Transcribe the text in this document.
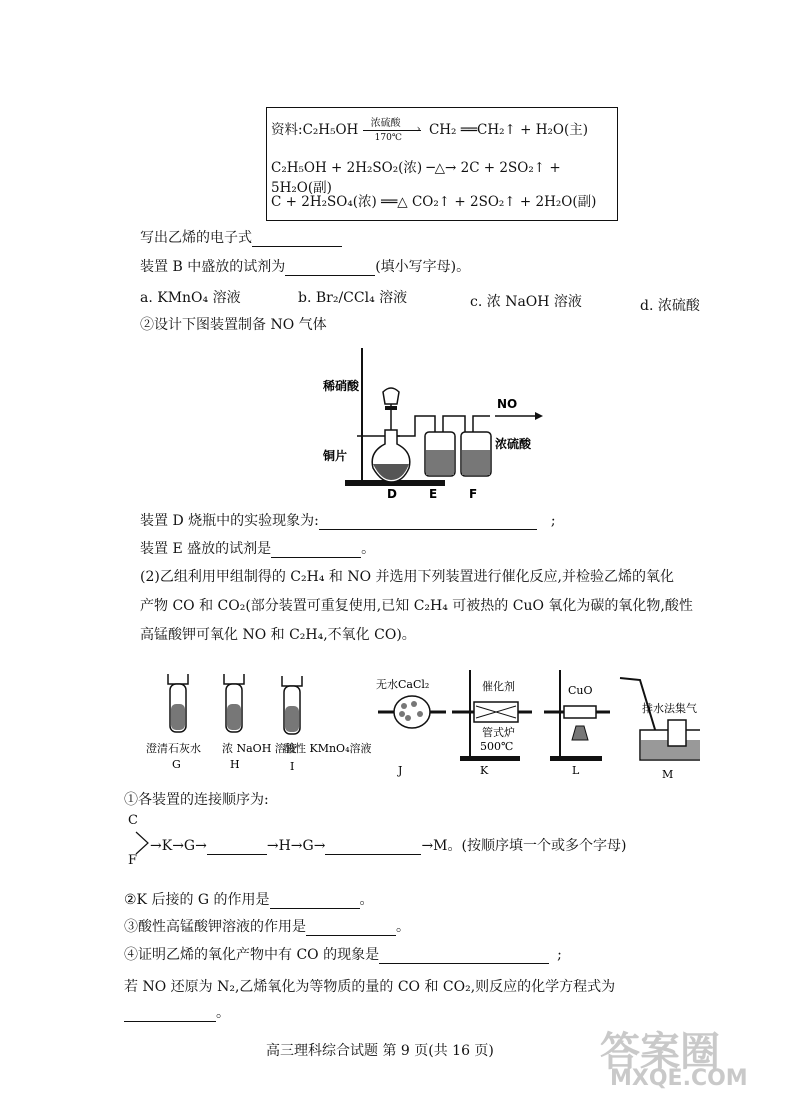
资料:C₂H₅OH 浓硫酸
›
170℃ CH₂ ══CH₂↑ + H₂O(主)
C₂H₅OH + 2H₂SO₂(浓) ─△→ 2C + 2SO₂↑ + 5H₂O(副)
C + 2H₂SO₄(浓) ══△ CO₂↑ + 2SO₂↑ + 2H₂O(副)
写出乙烯的电子式
装置 B 中盛放的试剂为	(填小写字母)。
a. KMnO₄ 溶液	b. Br₂/CCl₄ 溶液	c. 浓 NaOH 溶液	d. 浓硫酸
②设计下图装置制备 NO 气体
稀硝酸
NO
浓硫酸
铜片
D	E	F
装置 D 烧瓶中的实验现象为:	;
装置 E 盛放的试剂是	。
(2)乙组利用甲组制得的 C₂H₄ 和 NO 并选用下列装置进行催化反应,并检验乙烯的氧化
产物 CO 和 CO₂(部分装置可重复使用,已知 C₂H₄ 可被热的 CuO 氧化为碳的氧化物,酸性
高锰酸钾可氧化 NO 和 C₂H₄,不氧化 CO)。
无水CaCl₂	催化剂
管式炉
500℃
CuO
排水法集气
澄清石灰水 浓 NaOH 溶液
酸性 KMnO₄溶液
G	H	I	J	K	L	M
①各装置的连接顺序为:
C
F
→K→G→	→H→G→	→M。(按顺序填一个或多个字母)
②K 后接的 G 的作用是	。
③酸性高锰酸钾溶液的作用是	。
④证明乙烯的氧化产物中有 CO 的现象是	;
若 NO 还原为 N₂,乙烯氧化为等物质的量的 CO 和 CO₂,则反应的化学方程式为
。
高三理科综合试题 第 9 页(共 16 页)	答案圈
MXQE.COM
